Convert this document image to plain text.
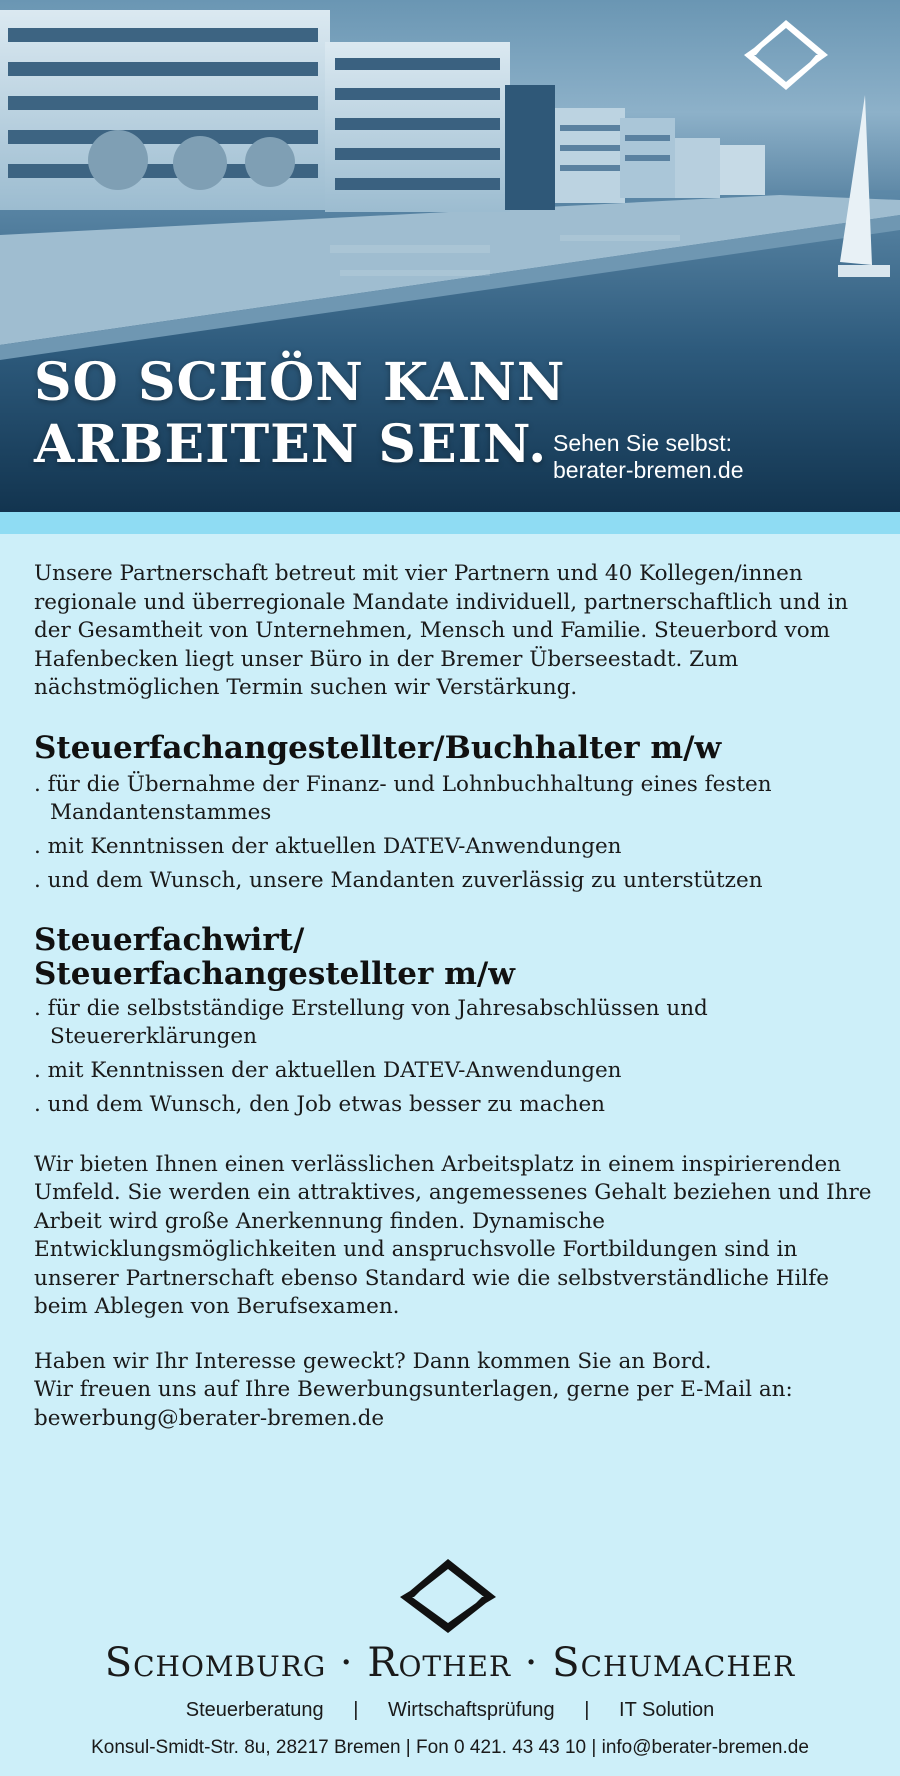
SO SCHÖN KANN
ARBEITEN SEIN. Sehen Sie selbst:
berater-bremen.de

Unsere Partnerschaft betreut mit vier Partnern und 40 Kollegen/innen regionale und überregionale Mandate individuell, partnerschaftlich und in der Gesamtheit von Unternehmen, Mensch und Familie. Steuerbord vom Hafenbecken liegt unser Büro in der Bremer Überseestadt. Zum nächstmöglichen Termin suchen wir Verstärkung.

Steuerfachangestellter/Buchhalter m/w
. für die Übernahme der Finanz- und Lohnbuchhaltung eines festen Mandantenstammes
. mit Kenntnissen der aktuellen DATEV-Anwendungen
. und dem Wunsch, unsere Mandanten zuverlässig zu unterstützen
Steuerfachwirt/
Steuerfachangestellter m/w
. für die selbstständige Erstellung von Jahresabschlüssen und Steuererklärungen
. mit Kenntnissen der aktuellen DATEV-Anwendungen
. und dem Wunsch, den Job etwas besser zu machen

Wir bieten Ihnen einen verlässlichen Arbeitsplatz in einem inspirierenden Umfeld. Sie werden ein attraktives, angemessenes Gehalt beziehen und Ihre Arbeit wird große Anerkennung finden. Dynamische Entwicklungsmöglichkeiten und anspruchsvolle Fortbildungen sind in unserer Partnerschaft ebenso Standard wie die selbstverständliche Hilfe beim Ablegen von Berufsexamen.

Haben wir Ihr Interesse geweckt? Dann kommen Sie an Bord.
Wir freuen uns auf Ihre Bewerbungsunterlagen, gerne per E-Mail an:
bewerbung@berater-bremen.de

Schomburg · Rother · Schumacher
Steuerberatung | Wirtschaftsprüfung | IT Solution
Konsul-Smidt-Str. 8u, 28217 Bremen | Fon 0 421. 43 43 10 | info@berater-bremen.de
